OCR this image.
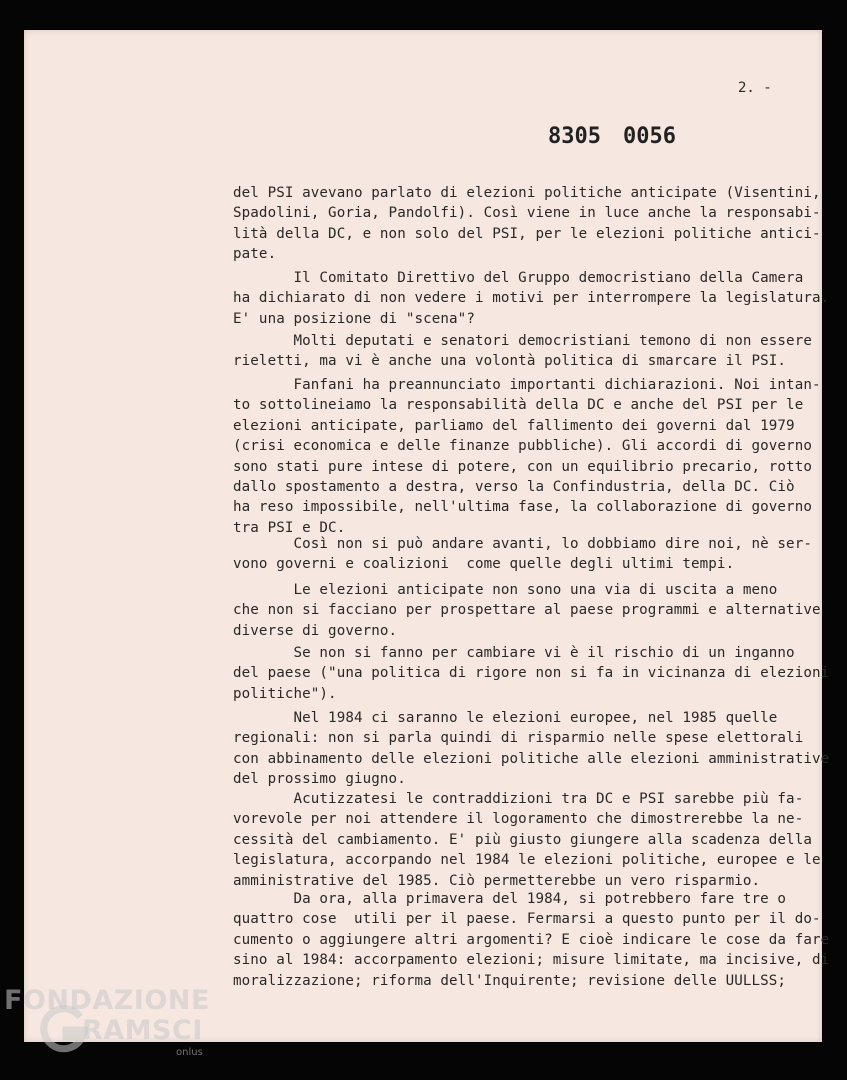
2. -
8305 0056

del PSI avevano parlato di elezioni politiche anticipate (Visentini,
Spadolini, Goria, Pandolfi). Così viene in luce anche la responsabi-
lità della DC, e non solo del PSI, per le elezioni politiche antici-
pate.

Il Comitato Direttivo del Gruppo democristiano della Camera
ha dichiarato di non vedere i motivi per interrompere la legislatura.
E' una posizione di "scena"?

Molti deputati e senatori democristiani temono di non essere
rieletti, ma vi è anche una volontà politica di smarcare il PSI.

Fanfani ha preannunciato importanti dichiarazioni. Noi
to sottolineiamo la responsabilità della DC e anche del PSI per
elezioni anticipate, parliamo del fallimento dei governi dal 1979
(crisi economica e delle finanze pubbliche). Gli accordi di governo
sono stati pure intese di potere, con un equilibrio precario, rotto
dallo spostamento a destra, verso la Confindustria, della DC. Ciò
ha reso impossibile, nell'ultima fase, la collaborazione di governo
tra PSI e DC.

Così non si può andare avanti, lo dobbiamo dire noi, nè
vono governi e coalizioni  come quelle degli ultimi tempi.

Le elezioni anticipate non sono una via di uscita a meno
che non si facciano per prospettare al paese programmi e alternative
diverse di governo.

Se non si fanno per cambiare vi è il rischio di un inganno
del paese ("una politica di rigore non si fa in vicinanza di
politiche").

Nel 1984 ci saranno le elezioni europee, nel 1985 quelle
regionali: non si parla quindi di risparmio nelle spese elettorali
con abbinamento delle elezioni politiche alle elezioni amministrative
del prossimo giugno.

Acutizzatesi le contraddizioni tra DC e PSI sarebbe più fa-
vorevole per noi attendere il logoramento che dimostrerebbe la ne-
cessità del cambiamento. E' più giusto giungere alla scadenza della
legislatura, accorpando nel 1984 le elezioni politiche, europee e
amministrative del 1985. Ciò permetterebbe un vero risparmio.

Da ora, alla primavera del 1984, si potrebbero fare tre o
quattro cose  utili per il paese. Fermarsi a questo punto per il
cumento o aggiungere altri argomenti? E cioè indicare le cose da
sino al 1984: accorpamento elezioni; misure limitate, ma incisive,
moralizzazione; riforma dell'Inquirente; revisione delle UULLSS;

FONDAZIONE
RAMSCI
onlus
